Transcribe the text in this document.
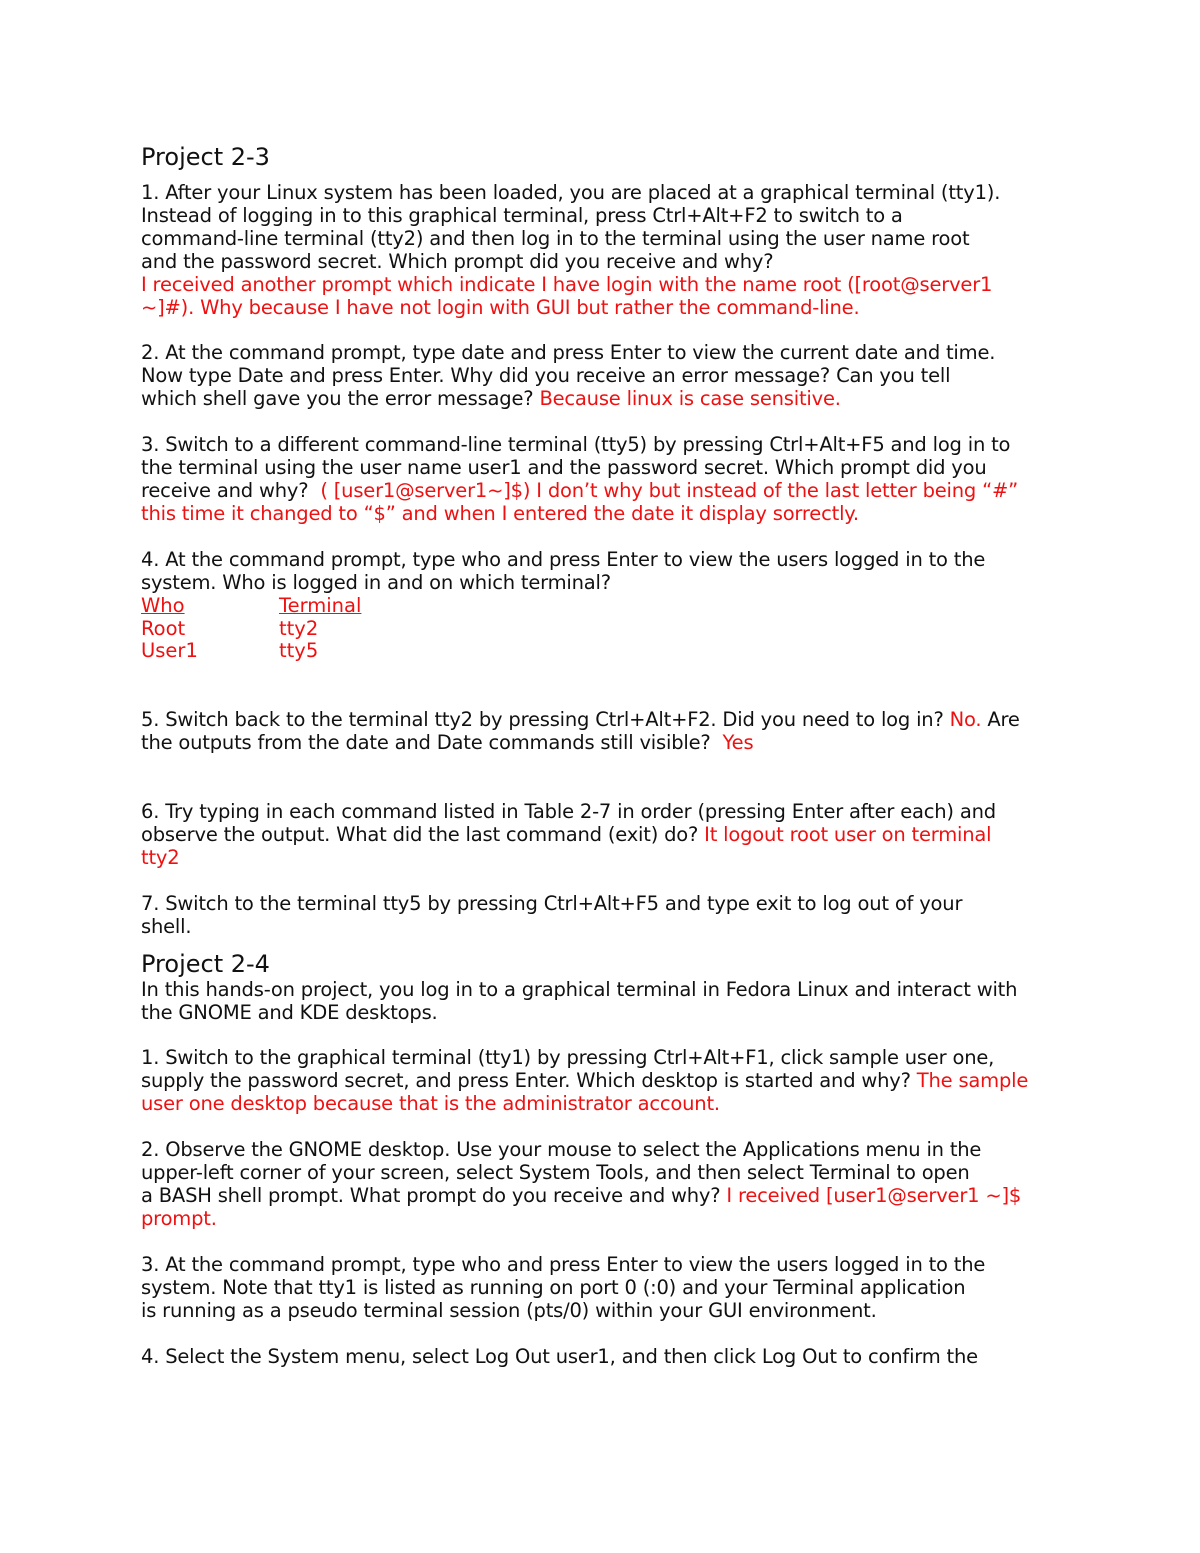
Project 2-3
1. After your Linux system has been loaded, you are placed at a graphical terminal (tty1).
Instead of logging in to this graphical terminal, press Ctrl+Alt+F2 to switch to a
command-line terminal (tty2) and then log in to the terminal using the user name root
and the password secret. Which prompt did you receive and why?
I received another prompt which indicate I have login with the name root ([root@server1
~]#). Why because I have not login with GUI but rather the command-line.
2. At the command prompt, type date and press Enter to view the current date and time.
Now type Date and press Enter. Why did you receive an error message? Can you tell
which shell gave you the error message? Because linux is case sensitive.
3. Switch to a different command-line terminal (tty5) by pressing Ctrl+Alt+F5 and log in to
the terminal using the user name user1 and the password secret. Which prompt did you
receive and why?  ( [user1@server1~]$) I don’t why but instead of the last letter being “#”
this time it changed to “$” and when I entered the date it display sorrectly.
4. At the command prompt, type who and press Enter to view the users logged in to the
system. Who is logged in and on which terminal?
Who	Terminal
Root	tty2
User1	tty5
5. Switch back to the terminal tty2 by pressing Ctrl+Alt+F2. Did you need to log in? No. Are
the outputs from the date and Date commands still visible?  Yes
6. Try typing in each command listed in Table 2-7 in order (pressing Enter after each) and
observe the output. What did the last command (exit) do? It logout root user on terminal
tty2
7. Switch to the terminal tty5 by pressing Ctrl+Alt+F5 and type exit to log out of your
shell.
Project 2-4
In this hands-on project, you log in to a graphical terminal in Fedora Linux and interact with
the GNOME and KDE desktops.
1. Switch to the graphical terminal (tty1) by pressing Ctrl+Alt+F1, click sample user one,
supply the password secret, and press Enter. Which desktop is started and why? The sample
user one desktop because that is the administrator account.
2. Observe the GNOME desktop. Use your mouse to select the Applications menu in the
upper-left corner of your screen, select System Tools, and then select Terminal to open
a BASH shell prompt. What prompt do you receive and why? I received [user1@server1 ~]$
prompt.
3. At the command prompt, type who and press Enter to view the users logged in to the
system. Note that tty1 is listed as running on port 0 (:0) and your Terminal application
is running as a pseudo terminal session (pts/0) within your GUI environment.
4. Select the System menu, select Log Out user1, and then click Log Out to confirm the
